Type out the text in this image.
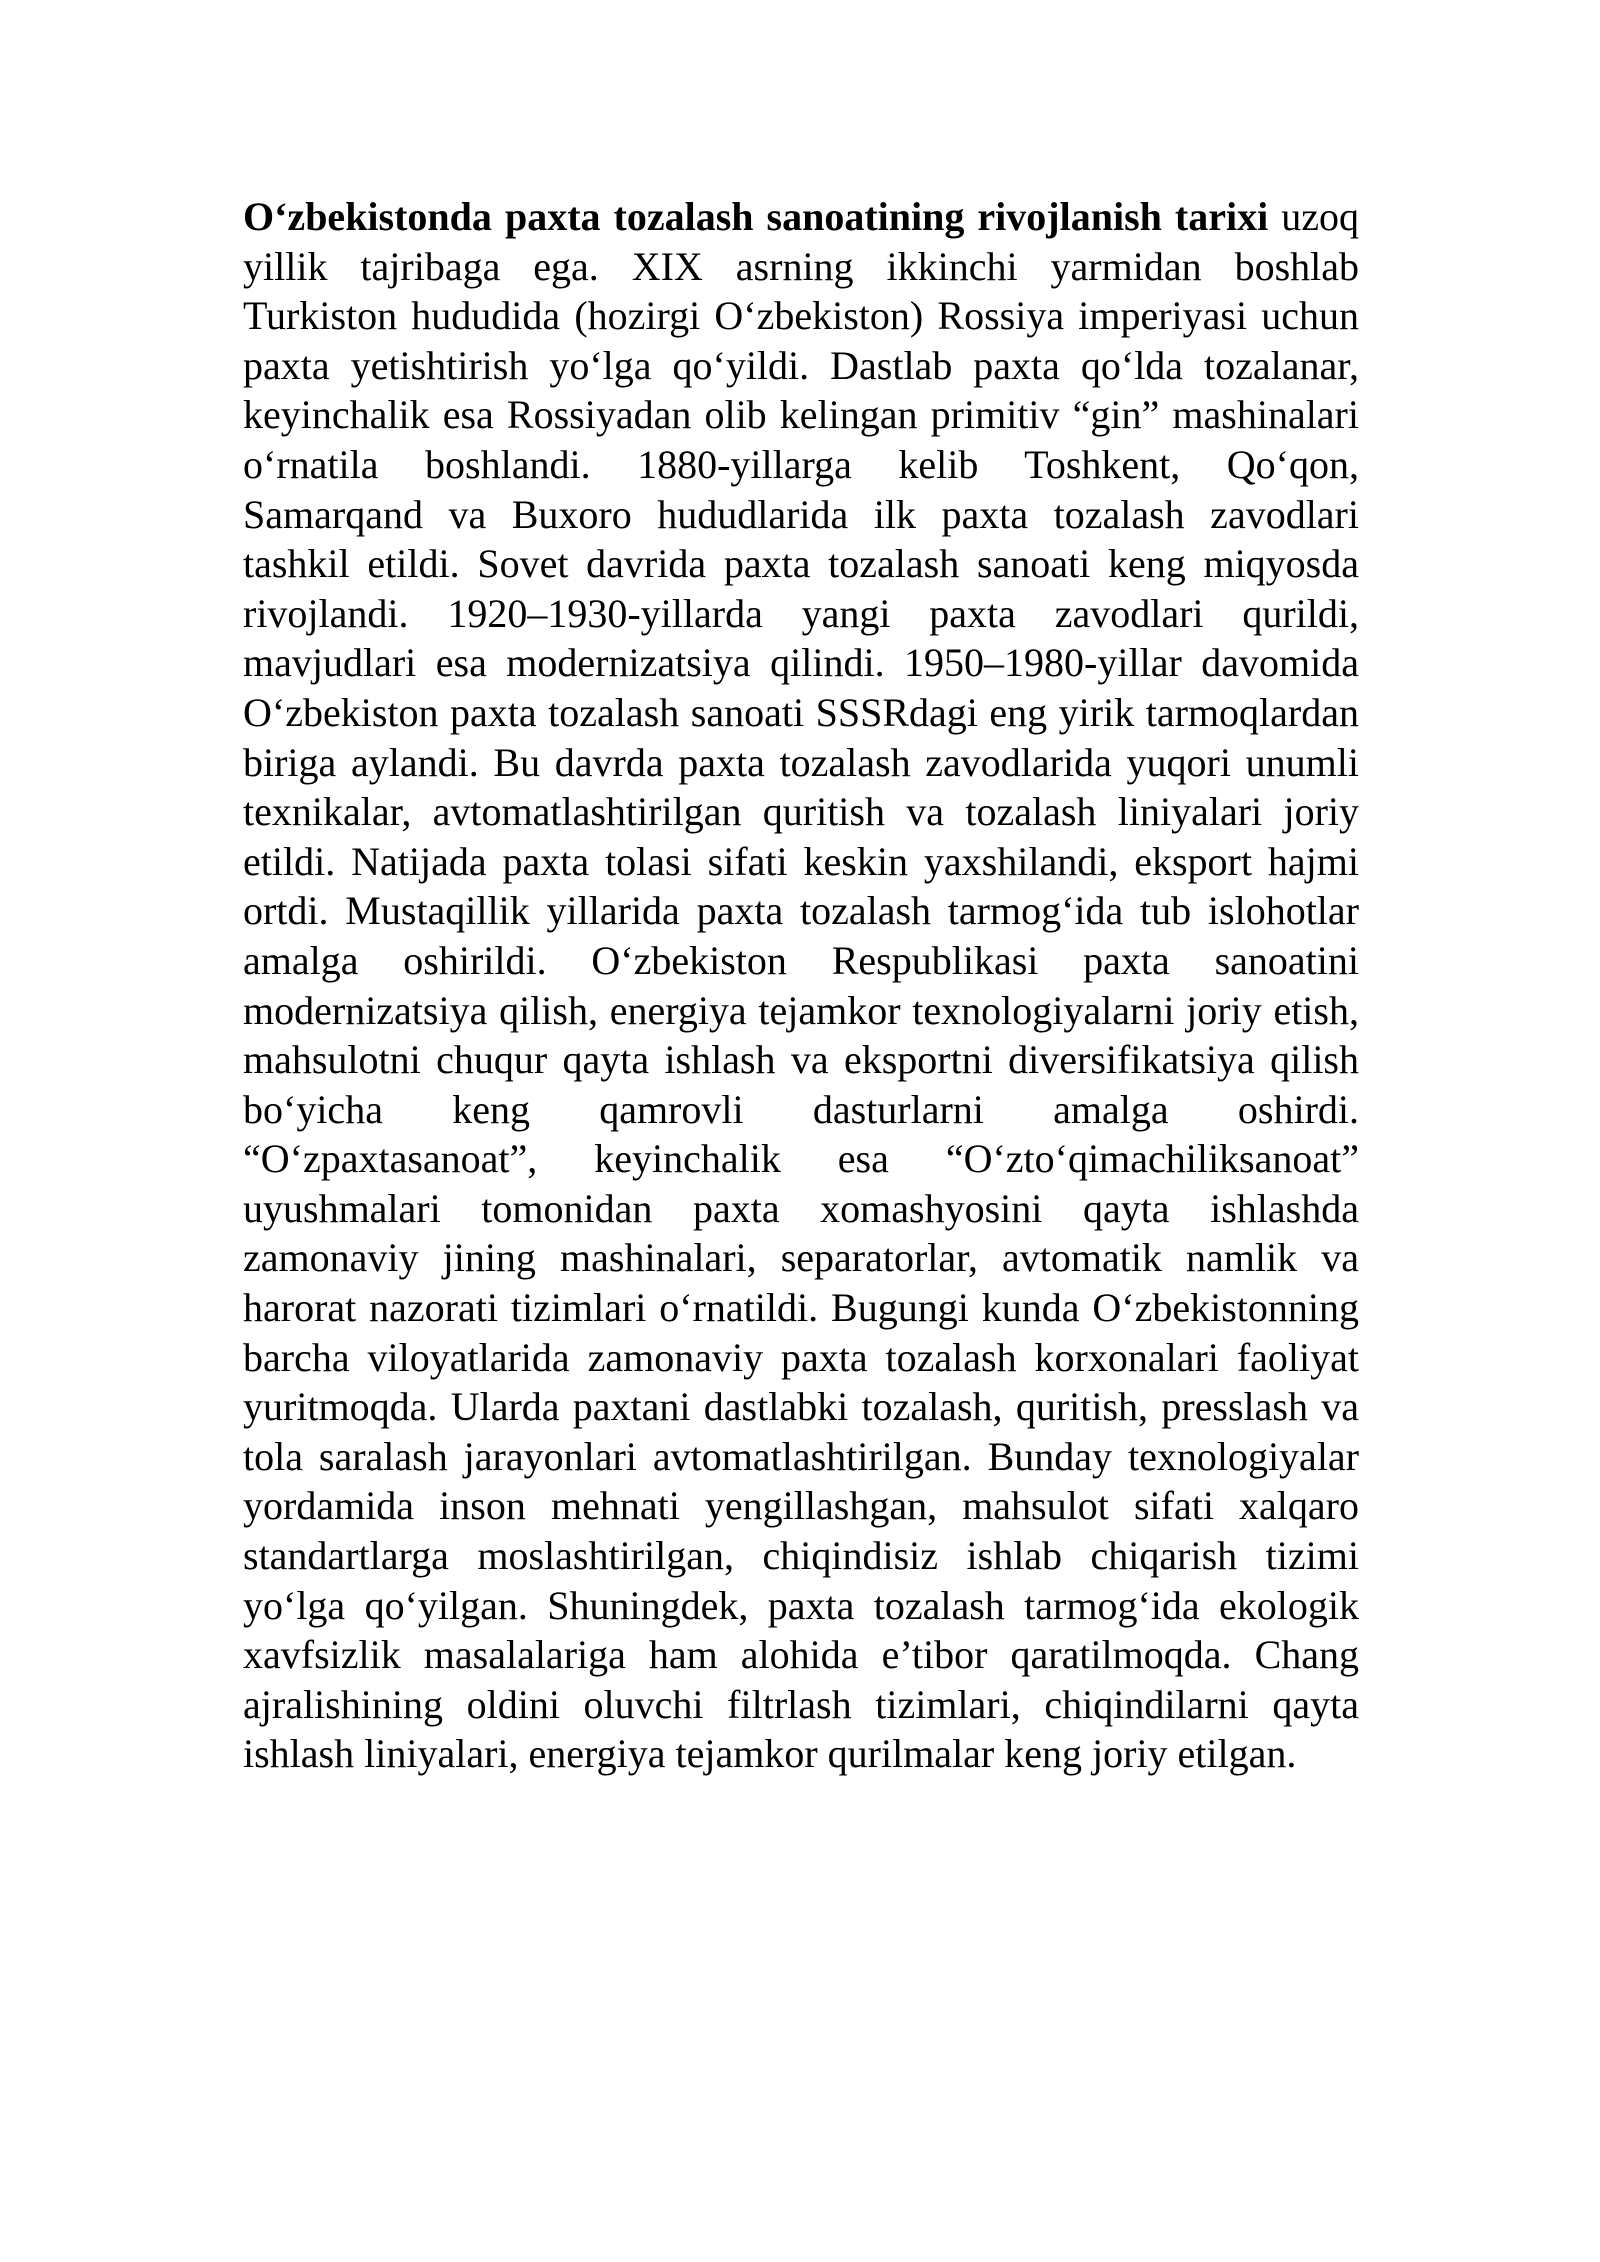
O‘zbekistonda paxta tozalash sanoatining rivojlanish tarixi uzoq yillik tajribaga ega. XIX asrning ikkinchi yarmidan boshlab Turkiston hududida (hozirgi O‘zbekiston) Rossiya imperiyasi uchun paxta yetishtirish yo‘lga qo‘yildi. Dastlab paxta qo‘lda tozalanar, keyinchalik esa Rossiyadan olib kelingan primitiv “gin” mashinalari o‘rnatila boshlandi. 1880-yillarga kelib Toshkent, Qo‘qon, Samarqand va Buxoro hududlarida ilk paxta tozalash zavodlari tashkil etildi. Sovet davrida paxta tozalash sanoati keng miqyosda rivojlandi. 1920–1930-yillarda yangi paxta zavodlari qurildi, mavjudlari esa modernizatsiya qilindi. 1950–1980-yillar davomida O‘zbekiston paxta tozalash sanoati SSSRdagi eng yirik tarmoqlardan biriga aylandi. Bu davrda paxta tozalash zavodlarida yuqori unumli texnikalar, avtomatlashtirilgan quritish va tozalash liniyalari joriy etildi. Natijada paxta tolasi sifati keskin yaxshilandi, eksport hajmi ortdi. Mustaqillik yillarida paxta tozalash tarmog‘ida tub islohotlar amalga oshirildi. O‘zbekiston Respublikasi paxta sanoatini modernizatsiya qilish, energiya tejamkor texnologiyalarni joriy etish, mahsulotni chuqur qayta ishlash va eksportni diversifikatsiya qilish bo‘yicha keng qamrovli dasturlarni amalga oshirdi. “O‘zpaxtasanoat”, keyinchalik esa “O‘zto‘qimachiliksanoat” uyushmalari tomonidan paxta xomashyosini qayta ishlashda zamonaviy jining mashinalari, separatorlar, avtomatik namlik va harorat nazorati tizimlari o‘rnatildi. Bugungi kunda O‘zbekistonning barcha viloyatlarida zamonaviy paxta tozalash korxonalari faoliyat yuritmoqda. Ularda paxtani dastlabki tozalash, quritish, presslash va tola saralash jarayonlari avtomatlashtirilgan. Bunday texnologiyalar yordamida inson mehnati yengillashgan, mahsulot sifati xalqaro standartlarga moslashtirilgan, chiqindisiz ishlab chiqarish tizimi yo‘lga qo‘yilgan. Shuningdek, paxta tozalash tarmog‘ida ekologik xavfsizlik masalalariga ham alohida e’tibor qaratilmoqda. Chang ajralishining oldini oluvchi filtrlash tizimlari, chiqindilarni qayta ishlash liniyalari, energiya tejamkor qurilmalar keng joriy etilgan.
